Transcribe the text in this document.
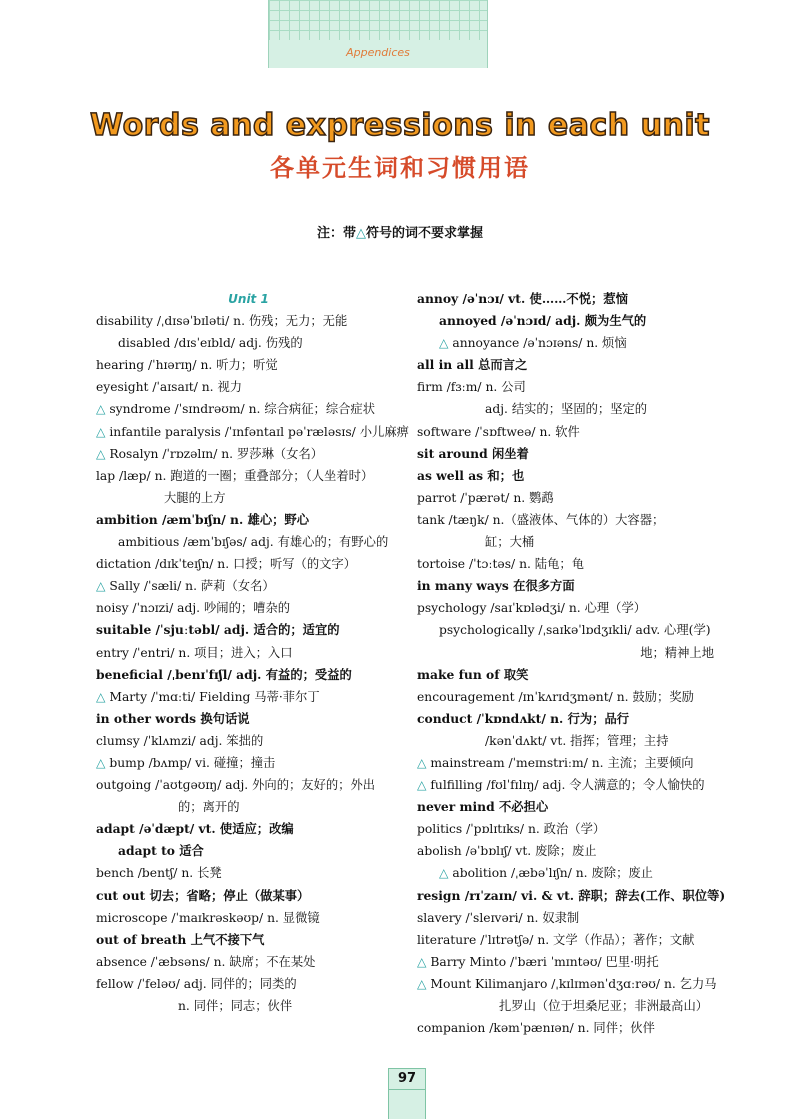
Appendices
Words and expressions in each unit
各单元生词和习惯用语
注：带△符号的词不要求掌握
Unit 1
disability /ˌdɪsəˈbɪləti/ n. 伤残；无力；无能
disabled /dɪsˈeɪbld/ adj. 伤残的
hearing /ˈhɪərɪŋ/ n. 听力；听觉
eyesight /ˈaɪsaɪt/ n. 视力
△ syndrome /ˈsɪndrəʊm/ n. 综合病征；综合症状
△ infantile paralysis /ˈɪnfəntaɪl pəˈræləsɪs/ 小儿麻痹
△ Rosalyn /ˈrɒzəlɪn/ n. 罗莎琳（女名）
lap /læp/ n. 跑道的一圈；重叠部分；（人坐着时）
大腿的上方
ambition /æmˈbɪʃn/ n. 雄心；野心
ambitious /æmˈbɪʃəs/ adj. 有雄心的；有野心的
dictation /dɪkˈteɪʃn/ n. 口授；听写（的文字）
△ Sally /ˈsæli/ n. 萨莉（女名）
noisy /ˈnɔɪzi/ adj. 吵闹的；嘈杂的
suitable /ˈsjuːtəbl/ adj. 适合的；适宜的
entry /ˈentri/ n. 项目；进入；入口
beneficial /ˌbenɪˈfɪʃl/ adj. 有益的；受益的
△ Marty /ˈmɑːti/ Fielding 马蒂·菲尔丁
in other words 换句话说
clumsy /ˈklʌmzi/ adj. 笨拙的
△ bump /bʌmp/ vi. 碰撞；撞击
outgoing /ˈaʊtɡəʊɪŋ/ adj. 外向的；友好的；外出
的；离开的
adapt /əˈdæpt/ vt. 使适应；改编
adapt to 适合
bench /bentʃ/ n. 长凳
cut out 切去；省略；停止（做某事）
microscope /ˈmaɪkrəskəʊp/ n. 显微镜
out of breath 上气不接下气
absence /ˈæbsəns/ n. 缺席；不在某处
fellow /ˈfeləʊ/ adj. 同伴的；同类的
n. 同伴；同志；伙伴
annoy /əˈnɔɪ/ vt. 使……不悦；惹恼
annoyed /əˈnɔɪd/ adj. 颇为生气的
△ annoyance /əˈnɔɪəns/ n. 烦恼
all in all 总而言之
firm /fɜːm/ n. 公司
adj. 结实的；坚固的；坚定的
software /ˈsɒftweə/ n. 软件
sit around 闲坐着
as well as 和；也
parrot /ˈpærət/ n. 鹦鹉
tank /tæŋk/ n.（盛液体、气体的）大容器；
缸；大桶
tortoise /ˈtɔːtəs/ n. 陆龟；龟
in many ways 在很多方面
psychology /saɪˈkɒlədʒi/ n. 心理（学）
psychologically /ˌsaɪkəˈlɒdʒɪkli/ adv. 心理(学)
地；精神上地
make fun of 取笑
encouragement /ɪnˈkʌrɪdʒmənt/ n. 鼓励；奖励
conduct /ˈkɒndʌkt/ n. 行为；品行
/kənˈdʌkt/ vt. 指挥；管理；主持
△ mainstream /ˈmeɪnstriːm/ n. 主流；主要倾向
△ fulfilling /fʊlˈfɪlɪŋ/ adj. 令人满意的；令人愉快的
never mind 不必担心
politics /ˈpɒlɪtɪks/ n. 政治（学）
abolish /əˈbɒlɪʃ/ vt. 废除；废止
△ abolition /ˌæbəˈlɪʃn/ n. 废除；废止
resign /rɪˈzaɪn/ vi. & vt. 辞职；辞去(工作、职位等)
slavery /ˈsleɪvəri/ n. 奴隶制
literature /ˈlɪtrətʃə/ n. 文学（作品）；著作；文献
△ Barry Minto /ˈbæri ˈmɪntəʊ/ 巴里·明托
△ Mount Kilimanjaro /ˌkɪlɪmənˈdʒɑːrəʊ/ n. 乞力马
扎罗山（位于坦桑尼亚；非洲最高山）
companion /kəmˈpænɪən/ n. 同伴；伙伴
97
